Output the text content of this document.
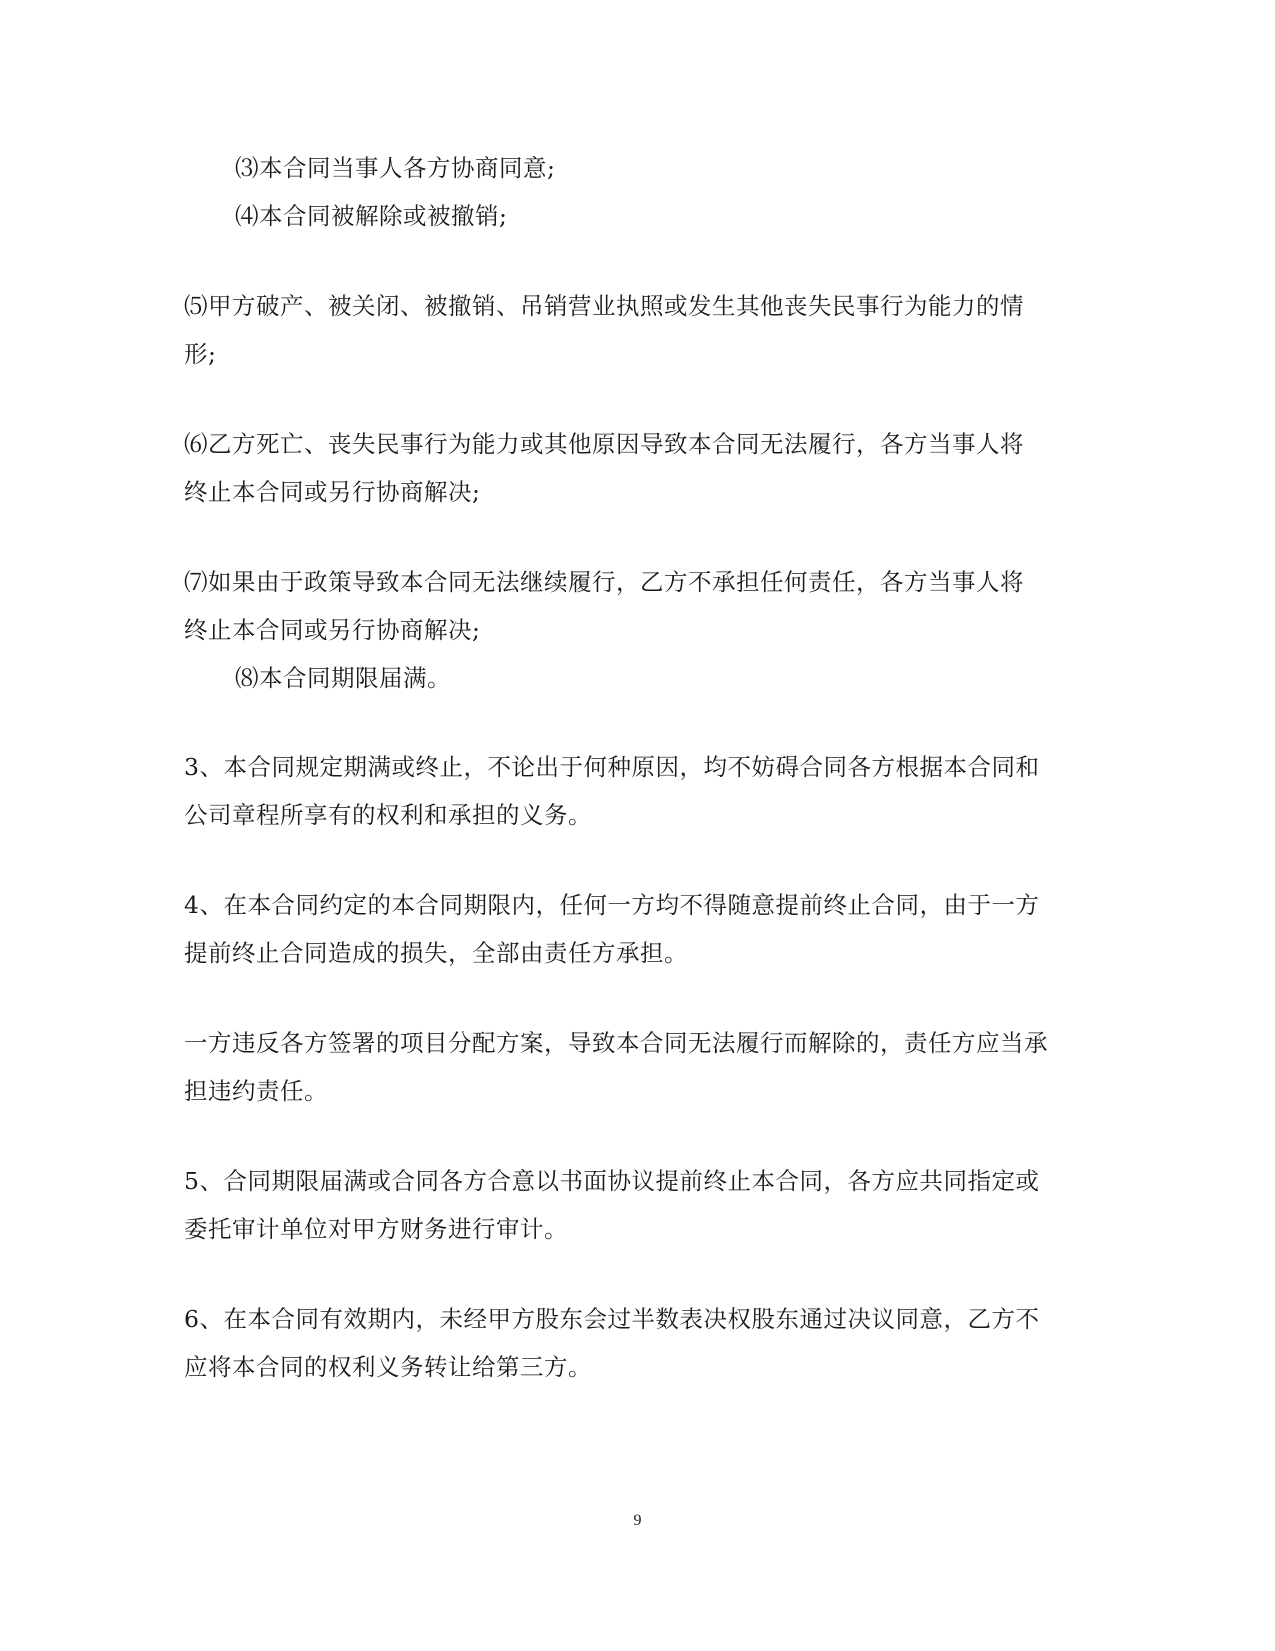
⑶本合同当事人各方协商同意;
⑷本合同被解除或被撤销;
⑸甲方破产、被关闭、被撤销、吊销营业执照或发生其他丧失民事行为能力的情
形;
⑹乙方死亡、丧失民事行为能力或其他原因导致本合同无法履行，各方当事人将
终止本合同或另行协商解决;
⑺如果由于政策导致本合同无法继续履行，乙方不承担任何责任，各方当事人将
终止本合同或另行协商解决;
⑻本合同期限届满。
3、本合同规定期满或终止，不论出于何种原因，均不妨碍合同各方根据本合同和
公司章程所享有的权利和承担的义务。
4、在本合同约定的本合同期限内，任何一方均不得随意提前终止合同，由于一方
提前终止合同造成的损失，全部由责任方承担。
一方违反各方签署的项目分配方案，导致本合同无法履行而解除的，责任方应当承
担违约责任。
5、合同期限届满或合同各方合意以书面协议提前终止本合同，各方应共同指定或
委托审计单位对甲方财务进行审计。
6、在本合同有效期内，未经甲方股东会过半数表决权股东通过决议同意，乙方不
应将本合同的权利义务转让给第三方。
9
